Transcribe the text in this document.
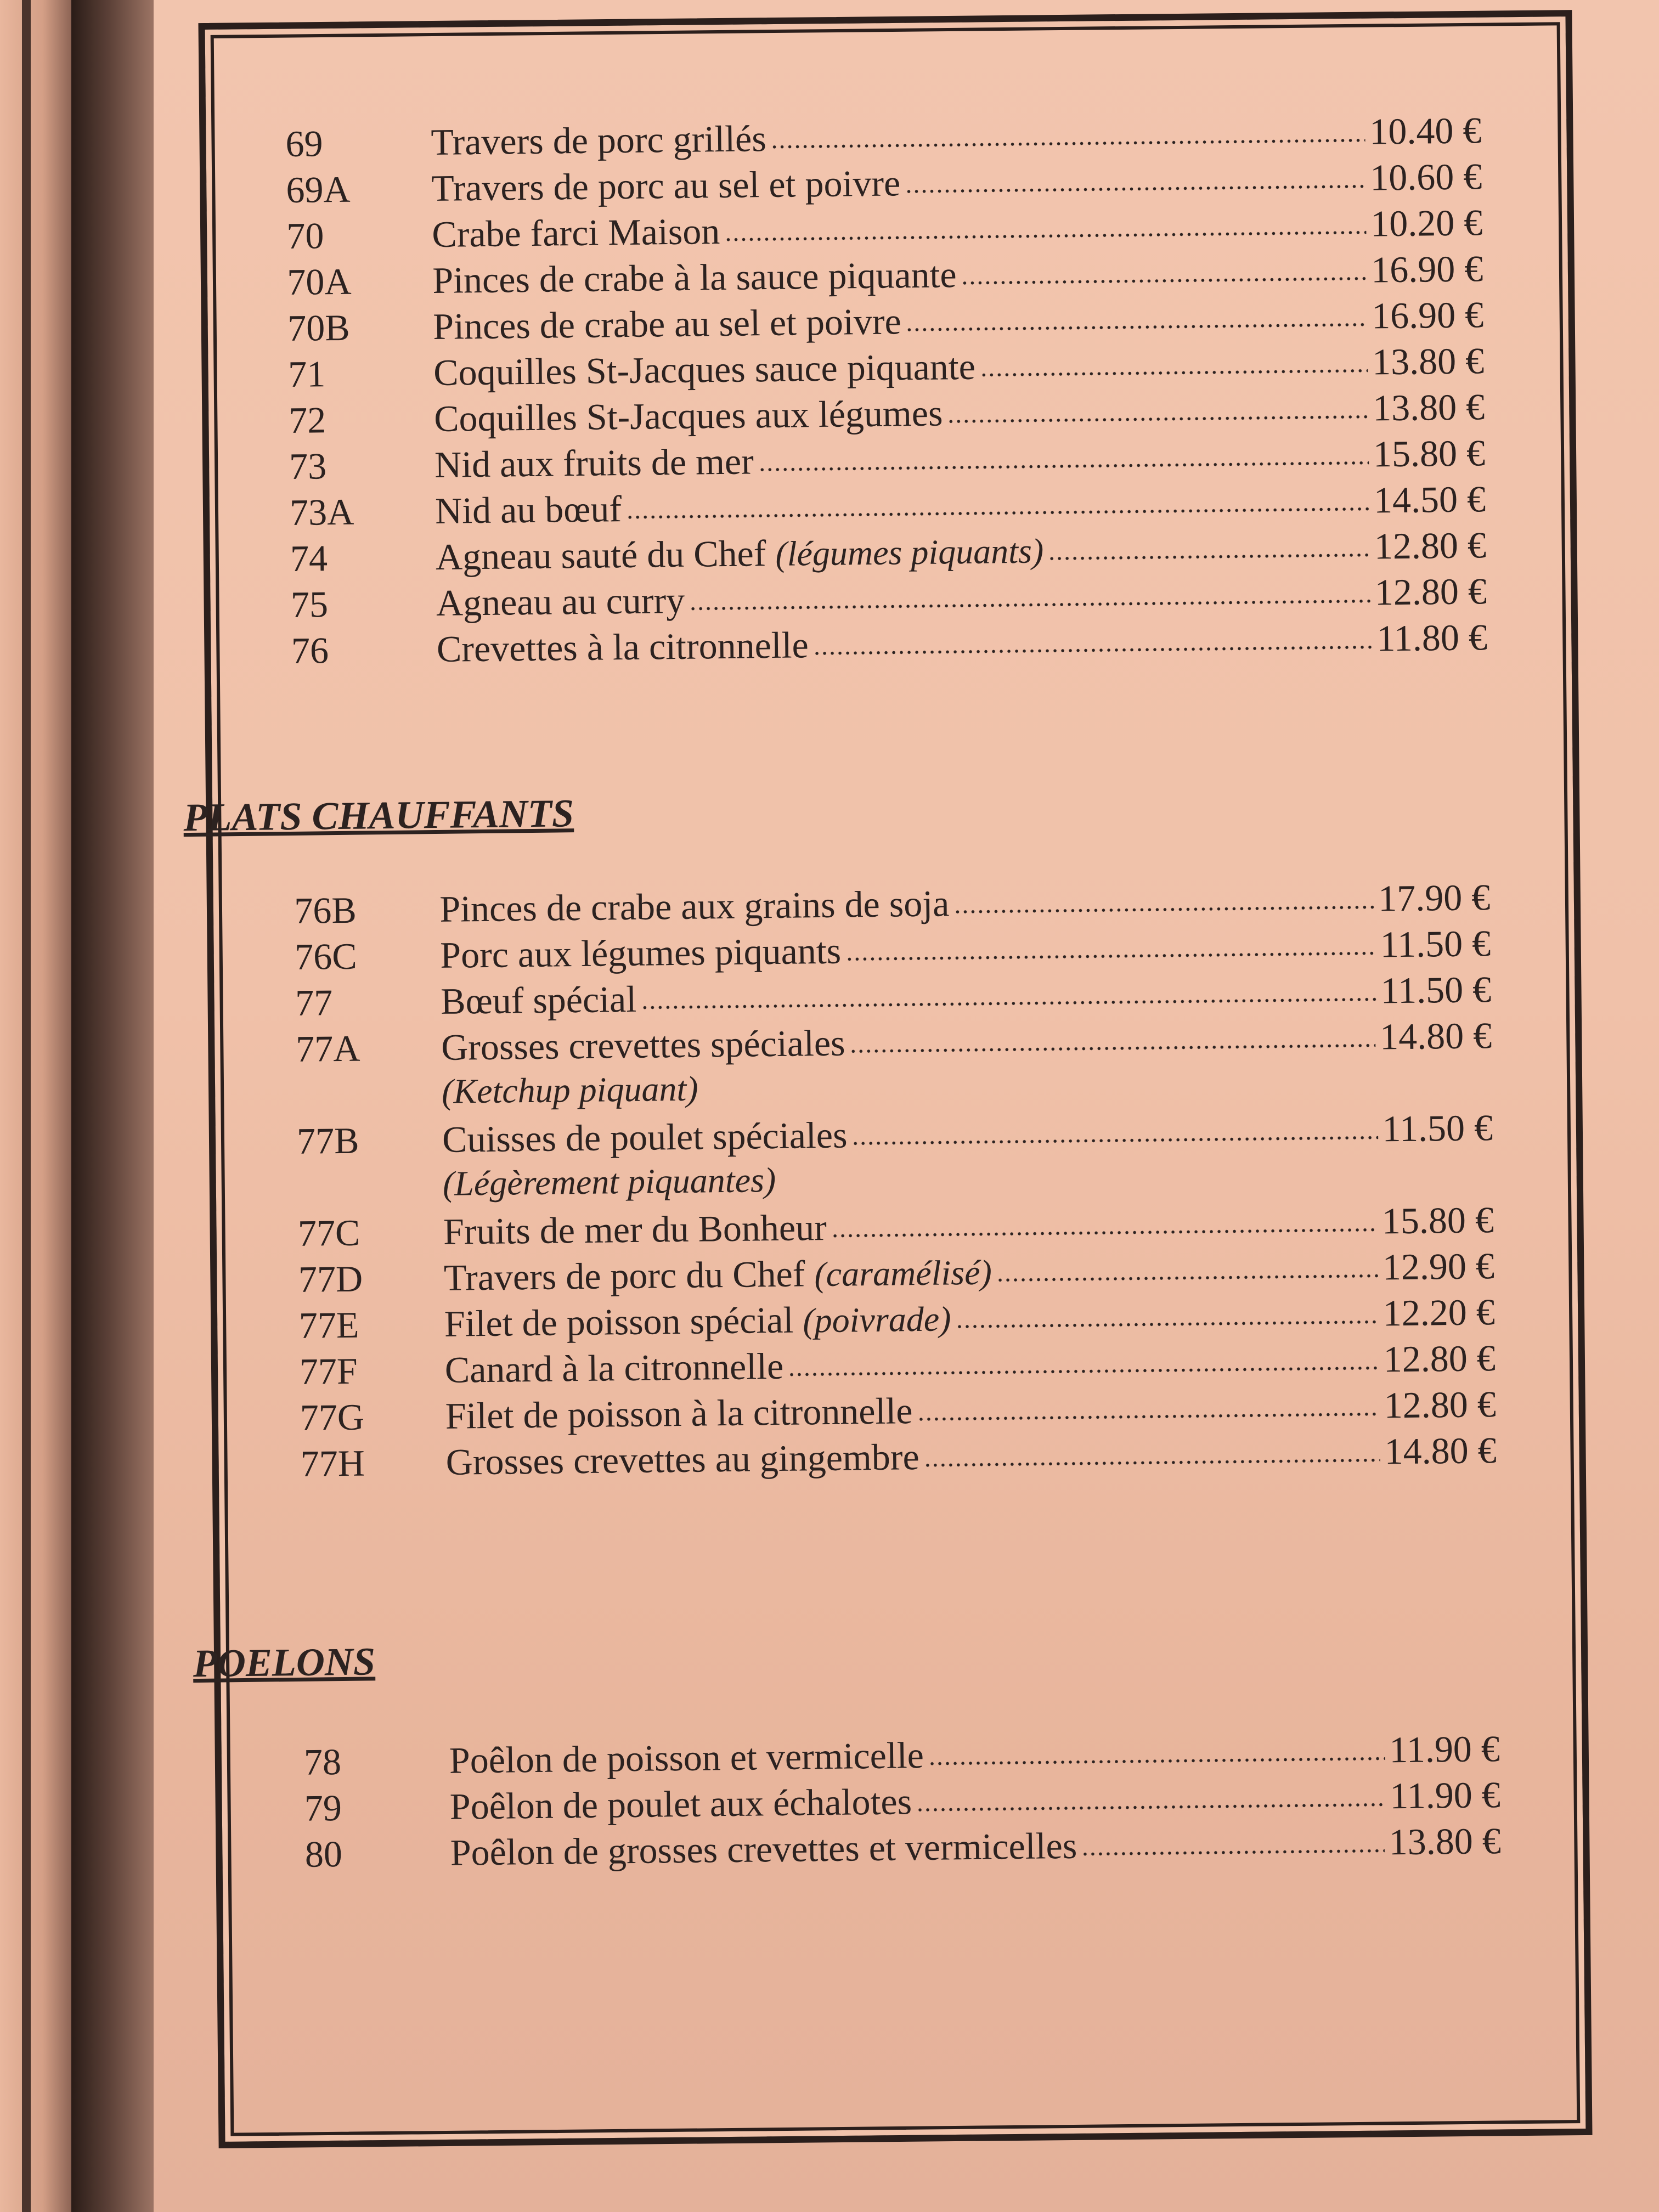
69	Travers de porc grillés	10.40 €
69A	Travers de porc au sel et poivre	10.60 €
70	Crabe farci Maison	10.20 €
70A	Pinces de crabe à la sauce piquante	16.90 €
70B	Pinces de crabe au sel et poivre	16.90 €
71	Coquilles St-Jacques sauce piquante	13.80 €
72	Coquilles St-Jacques aux légumes	13.80 €
73	Nid aux fruits de mer	15.80 €
73A	Nid au bœuf	14.50 €
74	Agneau sauté du Chef (légumes piquants)	12.80 €
75	Agneau au curry	12.80 €
76	Crevettes à la citronnelle	11.80 €
PLATS CHAUFFANTS
76B	Pinces de crabe aux grains de soja	17.90 €
76C	Porc aux légumes piquants	11.50 €
77	Bœuf spécial	11.50 €
77A	Grosses crevettes spéciales	14.80 €
(Ketchup piquant)
77B	Cuisses de poulet spéciales	11.50 €
(Légèrement piquantes)
77C	Fruits de mer du Bonheur	15.80 €
77D	Travers de porc du Chef (caramélisé)	12.90 €
77E	Filet de poisson spécial (poivrade)	12.20 €
77F	Canard à la citronnelle	12.80 €
77G	Filet de poisson à la citronnelle	12.80 €
77H	Grosses crevettes au gingembre	14.80 €
POELONS
78	Poêlon de poisson et vermicelle	11.90 €
79	Poêlon de poulet aux échalotes	11.90 €
80	Poêlon de grosses crevettes et vermicelles	13.80 €
